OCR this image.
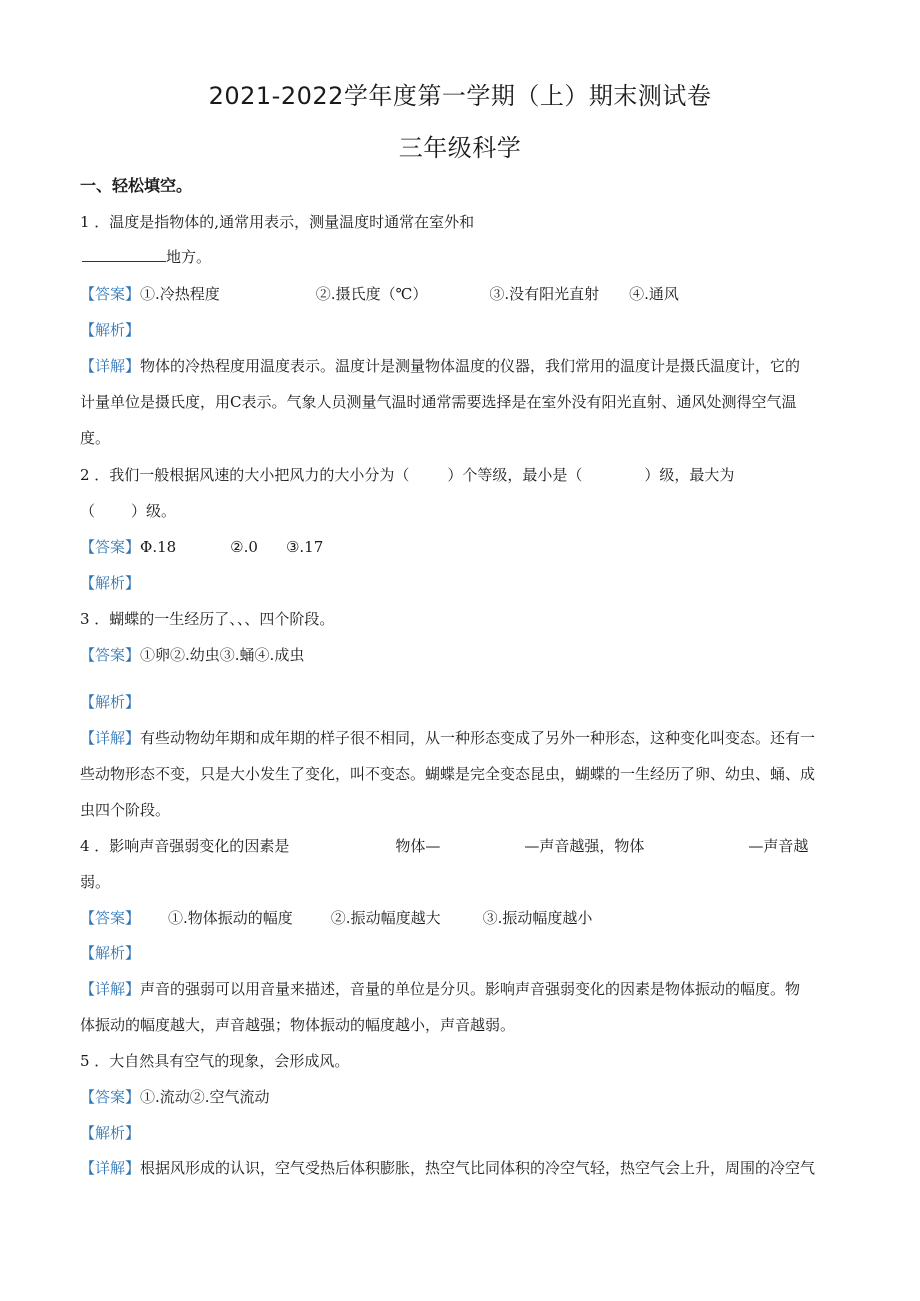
2021-2022学年度第一学期（上）期末测试卷
三年级科学
一、轻松填空。
1 ．温度是指物体的,通常用表示，测量温度时通常在室外和
地方。
【答案】①.冷热程度	②.摄氏度（℃）	③.没有阳光直射 ④.通风
【解析】
【详解】物体的冷热程度用温度表示。温度计是测量物体温度的仪器，我们常用的温度计是摄氏温度计，它的
计量单位是摄氏度，用C表示。气象人员测量气温时通常需要选择是在室外没有阳光直射、通风处测得空气温
度。
2 ．我们一般根据风速的大小把风力的大小分为（	）个等级，最小是（	）级，最大为
（ ）级。
【答案】Φ.18	②.0 ③.17
【解析】
3 ．蝴蝶的一生经历了、、、四个阶段。
【答案】①卵②.幼虫③.蛹④.成虫
【解析】
【详解】有些动物幼年期和成年期的样子很不相同，从一种形态变成了另外一种形态，这种变化叫变态。还有一
些动物形态不变，只是大小发生了变化，叫不变态。蝴蝶是完全变态昆虫，蝴蝶的一生经历了卵、幼虫、蛹、成
虫四个阶段。
4 ．影响声音强弱变化的因素是	物体—	—声音越强，物体	—声音越
弱。
【答案】 ①.物体振动的幅度	②.振动幅度越大	③.振动幅度越小
【解析】
【详解】声音的强弱可以用音量来描述，音量的单位是分贝。影响声音强弱变化的因素是物体振动的幅度。物
体振动的幅度越大，声音越强；物体振动的幅度越小，声音越弱。
5 ．大自然具有空气的现象，会形成风。
【答案】①.流动②.空气流动
【解析】
【详解】根据风形成的认识，空气受热后体积膨胀，热空气比同体积的冷空气轻，热空气会上升，周围的冷空气
